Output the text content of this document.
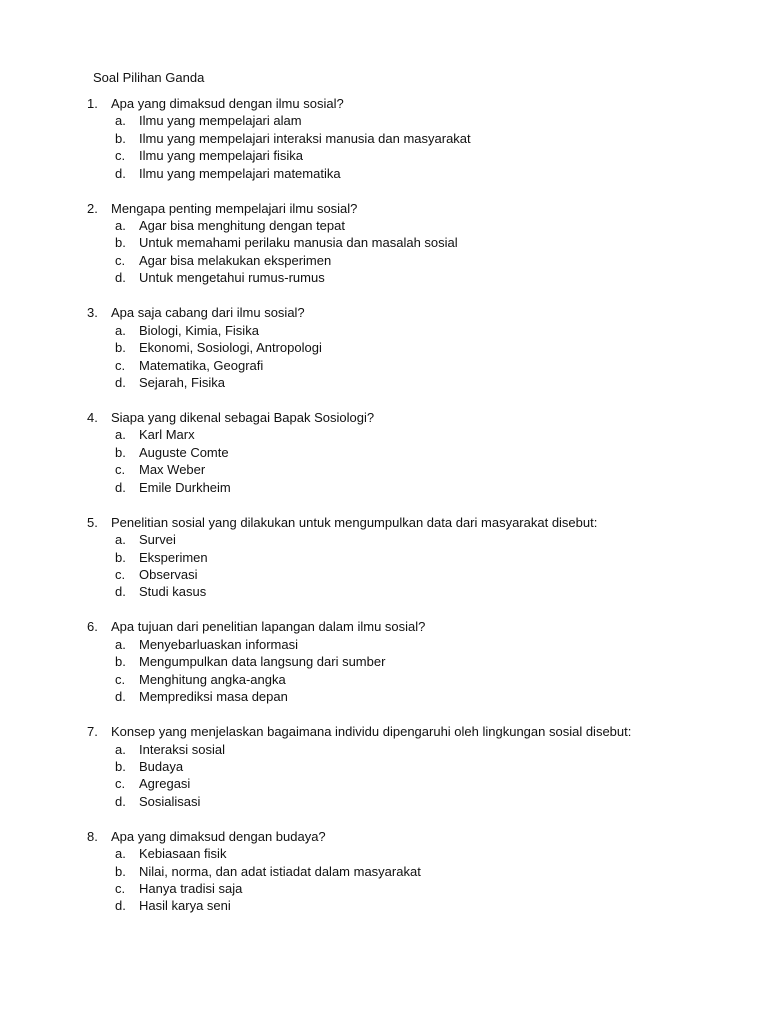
Soal Pilihan Ganda
1. Apa yang dimaksud dengan ilmu sosial?
a. Ilmu yang mempelajari alam
b. Ilmu yang mempelajari interaksi manusia dan masyarakat
c. Ilmu yang mempelajari fisika
d. Ilmu yang mempelajari matematika
2. Mengapa penting mempelajari ilmu sosial?
a. Agar bisa menghitung dengan tepat
b. Untuk memahami perilaku manusia dan masalah sosial
c. Agar bisa melakukan eksperimen
d. Untuk mengetahui rumus-rumus
3. Apa saja cabang dari ilmu sosial?
a. Biologi, Kimia, Fisika
b. Ekonomi, Sosiologi, Antropologi
c. Matematika, Geografi
d. Sejarah, Fisika
4. Siapa yang dikenal sebagai Bapak Sosiologi?
a. Karl Marx
b. Auguste Comte
c. Max Weber
d. Emile Durkheim
5. Penelitian sosial yang dilakukan untuk mengumpulkan data dari masyarakat disebut:
a. Survei
b. Eksperimen
c. Observasi
d. Studi kasus
6. Apa tujuan dari penelitian lapangan dalam ilmu sosial?
a. Menyebarluaskan informasi
b. Mengumpulkan data langsung dari sumber
c. Menghitung angka-angka
d. Memprediksi masa depan
7. Konsep yang menjelaskan bagaimana individu dipengaruhi oleh lingkungan sosial disebut:
a. Interaksi sosial
b. Budaya
c. Agregasi
d. Sosialisasi
8. Apa yang dimaksud dengan budaya?
a. Kebiasaan fisik
b. Nilai, norma, dan adat istiadat dalam masyarakat
c. Hanya tradisi saja
d. Hasil karya seni
